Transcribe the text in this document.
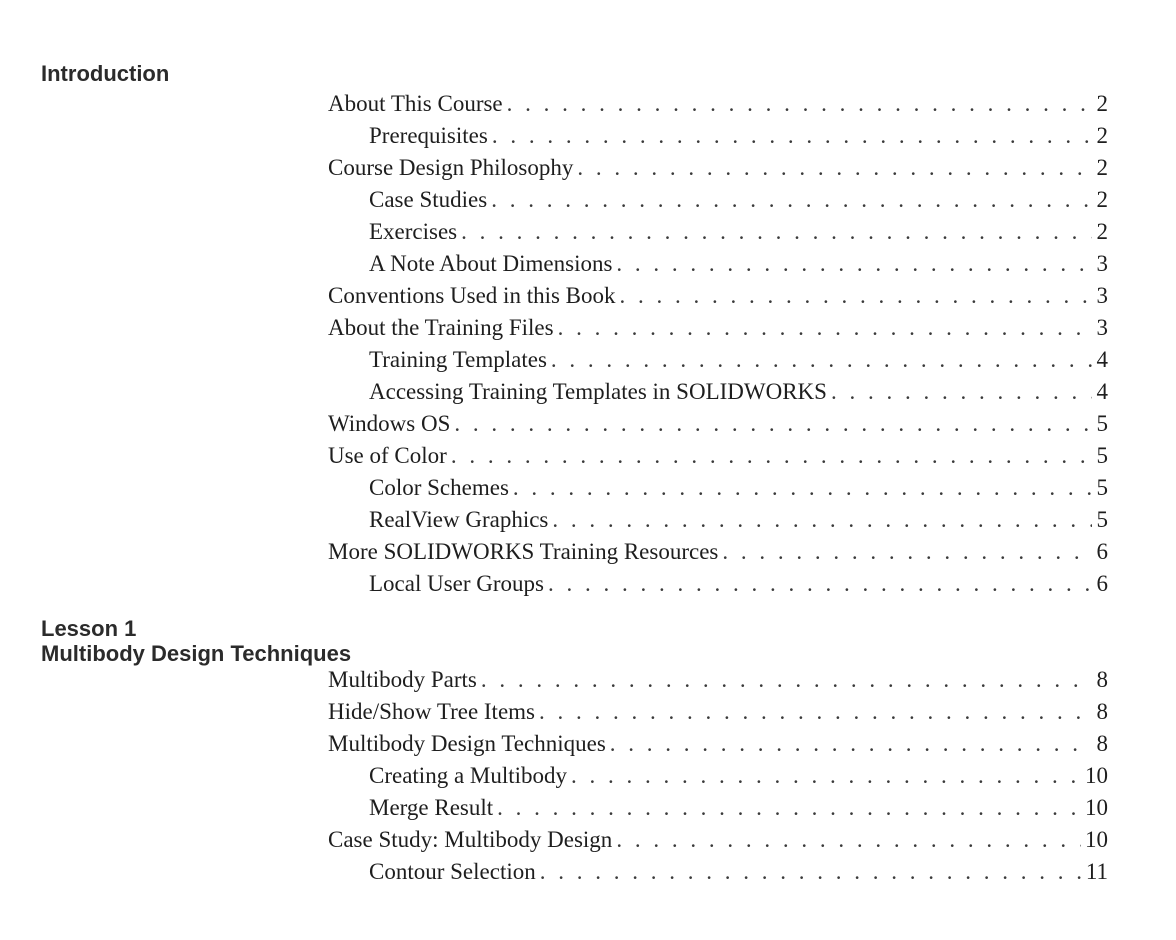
Introduction
About This Course . . .	2
Prerequisites . . .	2
Course Design Philosophy . . .	2
Case Studies . . .	2
Exercises . . .	2
A Note About Dimensions . . .	3
Conventions Used in this Book . . .	3
About the Training Files . . .	3
Training Templates . . .	4
Accessing Training Templates in SOLIDWORKS . . .	4
Windows OS . . .	5
Use of Color . . .	5
Color Schemes . . .	5
RealView Graphics . . .	5
More SOLIDWORKS Training Resources . . .	6
Local User Groups . . .	6
Lesson 1
Multibody Design Techniques
Multibody Parts . . .	8
Hide/Show Tree Items . . .	8
Multibody Design Techniques . . .	8
Creating a Multibody . . .	10
Merge Result . . .	10
Case Study: Multibody Design . . .	10
Contour Selection . . .	11
